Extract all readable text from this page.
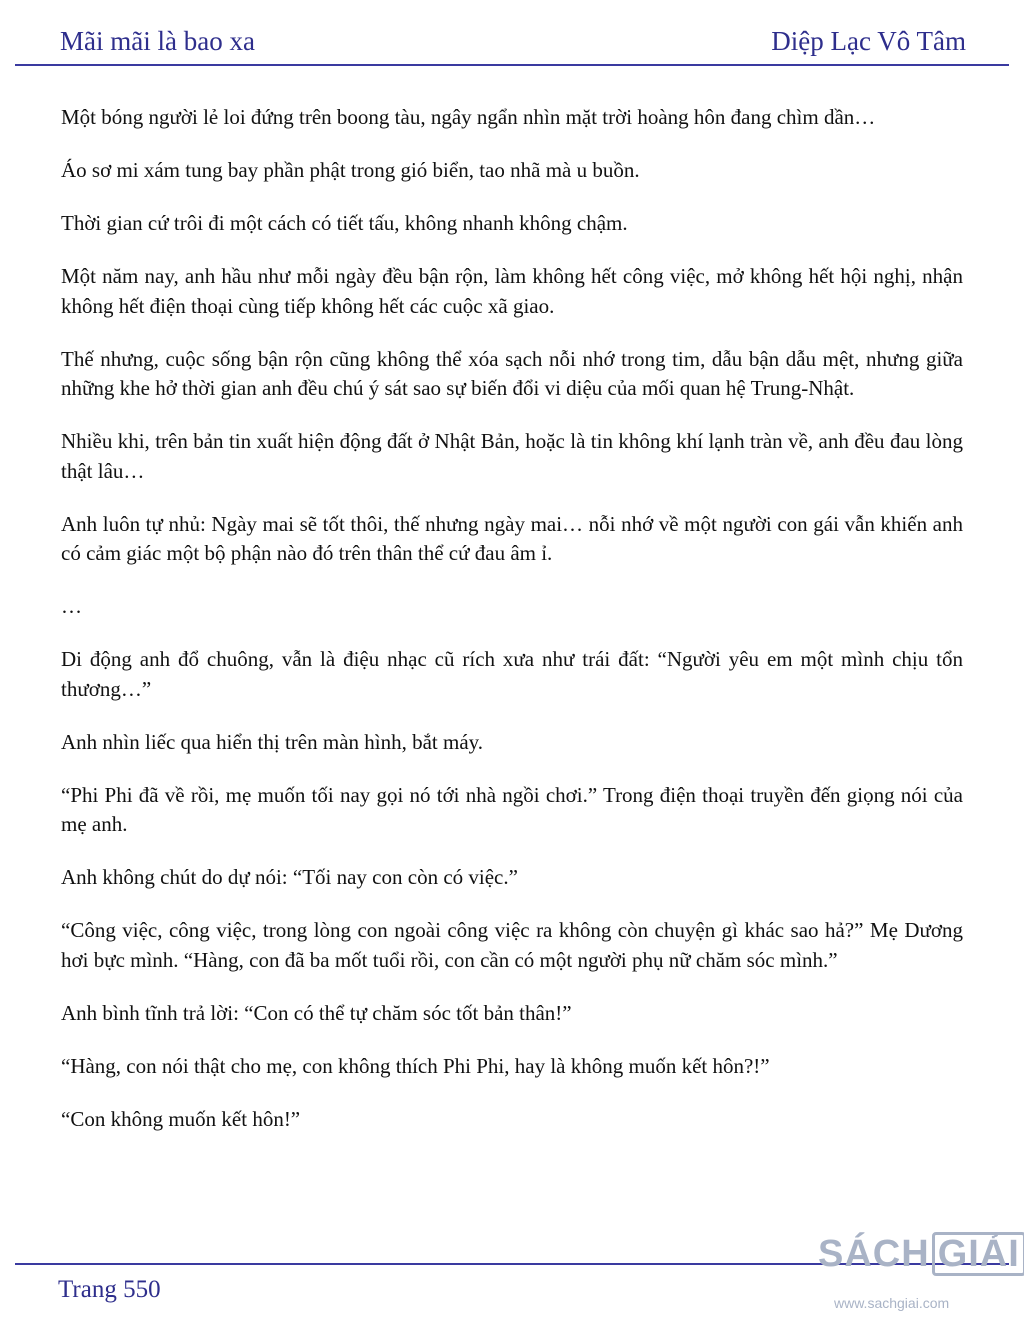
Mãi mãi là bao xa	Diệp Lạc Vô Tâm

Một bóng người lẻ loi đứng trên boong tàu, ngây ngẩn nhìn mặt trời hoàng hôn đang chìm dần…

Áo sơ mi xám tung bay phần phật trong gió biển, tao nhã mà u buồn.

Thời gian cứ trôi đi một cách có tiết tấu, không nhanh không chậm.

Một năm nay, anh hầu như mỗi ngày đều bận rộn, làm không hết công việc, mở không hết hội nghị, nhận không hết điện thoại cùng tiếp không hết các cuộc xã giao.

Thế nhưng, cuộc sống bận rộn cũng không thể xóa sạch nỗi nhớ trong tim, dẫu bận dẫu mệt, nhưng giữa những khe hở thời gian anh đều chú ý sát sao sự biến đổi vi diệu của mối quan hệ Trung-Nhật.

Nhiều khi, trên bản tin xuất hiện động đất ở Nhật Bản, hoặc là tin không khí lạnh tràn về, anh đều đau lòng thật lâu…

Anh luôn tự nhủ: Ngày mai sẽ tốt thôi, thế nhưng ngày mai… nỗi nhớ về một người con gái vẫn khiến anh có cảm giác một bộ phận nào đó trên thân thể cứ đau âm ỉ.

…

Di động anh đổ chuông, vẫn là điệu nhạc cũ rích xưa như trái đất: “Người yêu em một mình chịu tổn thương…”

Anh nhìn liếc qua hiển thị trên màn hình, bắt máy.

“Phi Phi đã về rồi, mẹ muốn tối nay gọi nó tới nhà ngồi chơi.” Trong điện thoại truyền đến giọng nói của mẹ anh.

Anh không chút do dự nói: “Tối nay con còn có việc.”

“Công việc, công việc, trong lòng con ngoài công việc ra không còn chuyện gì khác sao hả?” Mẹ Dương hơi bực mình. “Hàng, con đã ba mốt tuổi rồi, con cần có một người phụ nữ chăm sóc mình.”

Anh bình tĩnh trả lời: “Con có thể tự chăm sóc tốt bản thân!”

“Hàng, con nói thật cho mẹ, con không thích Phi Phi, hay là không muốn kết hôn?!”

“Con không muốn kết hôn!”

Trang 550
SÁCH GIẢI
www.sachgiai.com
